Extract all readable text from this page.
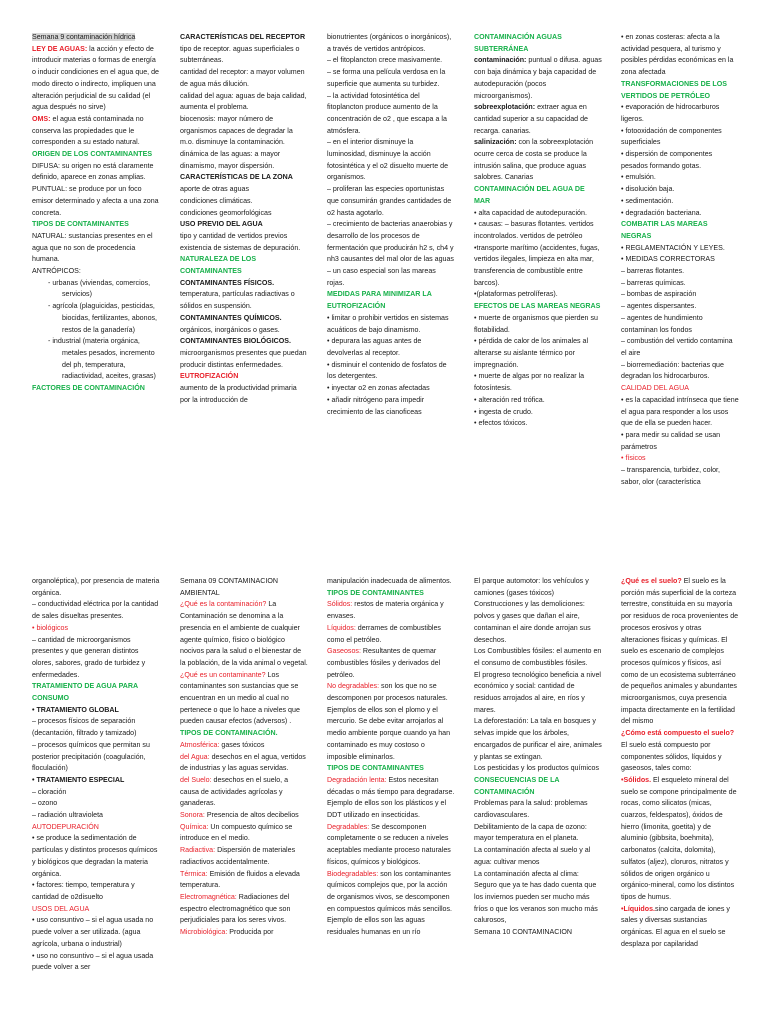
Semana 9 contaminación hídrica
LEY DE AGUAS: la acción y efecto de introducir materias o formas de energía o inducir condiciones en el agua que, de modo directo o indirecto, impliquen una alteración perjudicial de su calidad (el agua después no sirve)
OMS: el agua está contaminada no conserva las propiedades que le corresponden a su estado natural.
ORIGEN DE LOS CONTAMINANTES
DIFUSA: su origen no está claramente definido, aparece en zonas amplias.
PUNTUAL: se produce por un foco emisor determinado y afecta a una zona concreta.
TIPOS DE CONTAMINANTES
NATURAL: sustancias presentes en el agua que no son de procedencia humana.
ANTRÓPICOS:
- urbanas (viviendas, comercios, servicios)
- agrícola (plaguicidas, pesticidas, biocidas, fertilizantes, abonos, restos de la ganadería)
- industrial (materia orgánica, metales pesados, incremento del ph, temperatura, radiactividad, aceites, grasas)
FACTORES DE CONTAMINACIÓN
CARACTERÍSTICAS DEL RECEPTOR
tipo de receptor. aguas superficiales o subterráneas.
cantidad del receptor: a mayor volumen de agua más dilución.
calidad del agua: aguas de baja calidad, aumenta el problema.
biocenosis: mayor número de organismos capaces de degradar la m.o. disminuye la contaminación.
dinámica de las aguas: a mayor dinamismo, mayor dispersión.
CARACTERÍSTICAS DE LA ZONA
aporte de otras aguas
condiciones climáticas.
condiciones geomorfológicas
USO PREVIO DEL AGUA
tipo y cantidad de vertidos previos
existencia de sistemas de depuración.
NATURALEZA DE LOS CONTAMINANTES
CONTAMINANTES FÍSICOS.
temperatura, partículas radiactivas o sólidos en suspensión.
CONTAMINANTES QUÍMICOS.
orgánicos, inorgánicos o gases.
CONTAMINANTES BIOLÓGICOS.
microorganismos presentes que puedan producir distintas enfermedades.
EUTROFIZACIÓN
aumento de la productividad primaria por la introducción de
bionutrientes (orgánicos o inorgánicos), a través de vertidos antrópicos.
– el fitoplancton crece masivamente.
– se forma una película verdosa en la superficie que aumenta su turbidez.
– la actividad fotosintética del fitoplancton produce aumento de la concentración de o2 , que escapa a la atmósfera.
– en el interior disminuye la luminosidad, disminuye la acción fotosintética y el o2 disuelto muerte de organismos.
– proliferan las especies oportunistas que consumirán grandes cantidades de o2 hasta agotarlo.
– crecimiento de bacterias anaerobias y desarrollo de los procesos de fermentación que producirán h2 s, ch4 y nh3 causantes del mal olor de las aguas
– un caso especial son las mareas rojas.
MEDIDAS PARA MINIMIZAR LA EUTROFIZACIÓN
• limitar o prohibir vertidos en sistemas acuáticos de bajo dinamismo.
• depurara las aguas antes de devolverlas al receptor.
• disminuir el contenido de fosfatos de los detergentes.
• inyectar o2 en zonas afectadas
• añadir nitrógeno para impedir crecimiento de las cianoficeas
CONTAMINACIÓN AGUAS SUBTERRÁNEA
contaminación: puntual o difusa. aguas con baja dinámica y baja capacidad de autodepuración (pocos microorganismos).
sobreexplotación: extraer agua en cantidad superior a su capacidad de recarga. canarias.
salinización: con la sobreexplotación ocurre cerca de costa se produce la intrusión salina, que produce aguas salobres. Canarias
CONTAMINACIÓN DEL AGUA DE MAR
• alta capacidad de autodepuración.
• causas: – basuras flotantes. vertidos incontrolados. vertidos de petróleo
•transporte marítimo (accidentes, fugas, vertidos ilegales, limpieza en alta mar, transferencia de combustible entre barcos).
•(plataformas petrolíferas).
EFECTOS DE LAS MAREAS NEGRAS
• muerte de organismos que pierden su flotabilidad.
• pérdida de calor de los animales al alterarse su aislante térmico por impregnación.
• muerte de algas por no realizar la fotosíntesis.
• alteración red trófica.
• ingesta de crudo.
• efectos tóxicos.
• en zonas costeras: afecta a la actividad pesquera, al turismo y posibles pérdidas económicas en la zona afectada
TRANSFORMACIONES DE LOS VERTIDOS DE PETRÓLEO
• evaporación de hidrocarburos ligeros.
• fotooxidación de componentes superficiales
• dispersión de componentes pesados formando gotas.
• emulsión.
• disolución baja.
• sedimentación.
• degradación bacteriana.
COMBATIR LAS MAREAS NEGRAS
• REGLAMENTACIÓN Y LEYES.
• MEDIDAS CORRECTORAS
– barreras flotantes.
– barreras químicas.
– bombas de aspiración
– agentes dispersantes.
– agentes de hundimiento contaminan los fondos
– combustión del vertido contamina el aire
– biorremediación: bacterias que degradan los hidrocarburos.
CALIDAD DEL AGUA
• es la capacidad intrínseca que tiene el agua para responder a los usos que de ella se pueden hacer.
• para medir su calidad se usan parámetros
• físicos
– transparencia, turbidez, color, sabor, olor (característica
organoléptica), por presencia de materia orgánica.
– conductividad eléctrica por la cantidad de sales disueltas presentes.
• biológicos
– cantidad de microorganismos presentes y que generan distintos olores, sabores, grado de turbidez y enfermedades.
TRATAMIENTO DE AGUA PARA CONSUMO
• TRATAMIENTO GLOBAL
– procesos físicos de separación (decantación, filtrado y tamizado)
– procesos químicos que permitan su posterior precipitación (coagulación, floculación)
• TRATAMIENTO ESPECIAL
– cloración
– ozono
– radiación ultravioleta
AUTODEPURACIÓN
• se produce la sedimentación de partículas y distintos procesos químicos y biológicos que degradan la materia orgánica.
• factores: tiempo, temperatura y cantidad de o2disuelto
USOS DEL AGUA
• uso consuntivo – si el agua usada no puede volver a ser utilizada. (agua agrícola, urbana o industrial)
• uso no consuntivo – si el agua usada puede volver a ser
Semana 09 CONTAMINACION AMBIENTAL
¿Qué es la contaminación? La Contaminación se denomina a la presencia en el ambiente de cualquier agente químico, físico o biológico nocivos para la salud o el bienestar de la población, de la vida animal o vegetal.
¿Qué es un contaminante? Los contaminantes son sustancias que se encuentran en un medio al cual no pertenece o que lo hace a niveles que pueden causar efectos (adversos) .
TIPOS DE CONTAMINACIÓN.
Atmosférica: gases tóxicos
del Agua: desechos en el agua, vertidos de industrias y las aguas servidas.
del Suelo: desechos en el suelo, a causa de actividades agrícolas y ganaderas.
Sonora: Presencia de altos decibelios
Química: Un compuesto químico se introduce en el medio.
Radiactiva: Dispersión de materiales radiactivos accidentalmente.
Térmica: Emisión de fluidos a elevada temperatura.
Electromagnética: Radiaciones del espectro electromagnético que son perjudiciales para los seres vivos.
Microbiológica: Producida por
manipulación inadecuada de alimentos.
TIPOS DE CONTAMINANTES
Sólidos: restos de materia orgánica y envases.
Líquidos: derrames de combustibles como el petróleo.
Gaseosos: Resultantes de quemar combustibles fósiles y derivados del petróleo.
No degradables: son los que no se descomponen por procesos naturales. Ejemplos de ellos son el plomo y el mercurio. Se debe evitar arrojarlos al medio ambiente porque cuando ya han contaminado es muy costoso o imposible eliminarlos.
TIPOS DE CONTAMINANTES
Degradación lenta: Estos necesitan décadas o más tiempo para degradarse. Ejemplo de ellos son los plásticos y el DDT utilizado en insecticidas.
Degradables: Se descomponen completamente o se reducen a niveles aceptables mediante proceso naturales físicos, químicos y biológicos.
Biodegradables: son los contaminantes químicos complejos que, por la acción de organismos vivos, se descomponen en compuestos químicos más sencillos. Ejemplo de ellos son las aguas residuales humanas en un río
El parque automotor: los vehículos y camiones (gases tóxicos)
Construcciones y las demoliciones: polvos y gases que dañan el aire, contaminan el aire donde arrojan sus desechos.
Los Combustibles fósiles: el aumento en el consumo de combustibles fósiles.
El progreso tecnológico beneficia a nivel económico y social: cantidad de residuos arrojados al aire, en ríos y mares.
La deforestación: La tala en bosques y selvas impide que los árboles, encargados de purificar el aire, animales y plantas se extingan.
Los pesticidas y los productos químicos
CONSECUENCIAS DE LA CONTAMINACIÓN
Problemas para la salud: problemas cardiovasculares.
Debilitamiento de la capa de ozono: mayor temperatura en el planeta.
La contaminación afecta al suelo y al agua: cultivar menos
La contaminación afecta al clima: Seguro que ya te has dado cuenta que los inviernos pueden ser mucho más fríos o que los veranos son mucho más calurosos,
Semana 10 CONTAMINACION
¿Qué es el suelo? El suelo es la porción más superficial de la corteza terrestre, constituida en su mayoría por residuos de roca provenientes de procesos erosivos y otras alteraciones físicas y químicas. El suelo es escenario de complejos procesos químicos y físicos, así como de un ecosistema subterráneo de pequeños animales y abundantes microorganismos, cuya presencia impacta directamente en la fertilidad del mismo
¿Cómo está compuesto el suelo? El suelo está compuesto por componentes sólidos, líquidos y gaseosos, tales como:
•Sólidos. El esqueleto mineral del suelo se compone principalmente de rocas, como silicatos (micas, cuarzos, feldespatos), óxidos de hierro (limonita, goetita) y de aluminio (gibbsita, boehmita), carbonatos (calcita, dolomita), sulfatos (aljez), cloruros, nitratos y sólidos de origen orgánico u orgánico-mineral, como los distintos tipos de humus.
•Líquidos.sino cargada de iones y sales y diversas sustancias orgánicas. El agua en el suelo se desplaza por capilaridad
